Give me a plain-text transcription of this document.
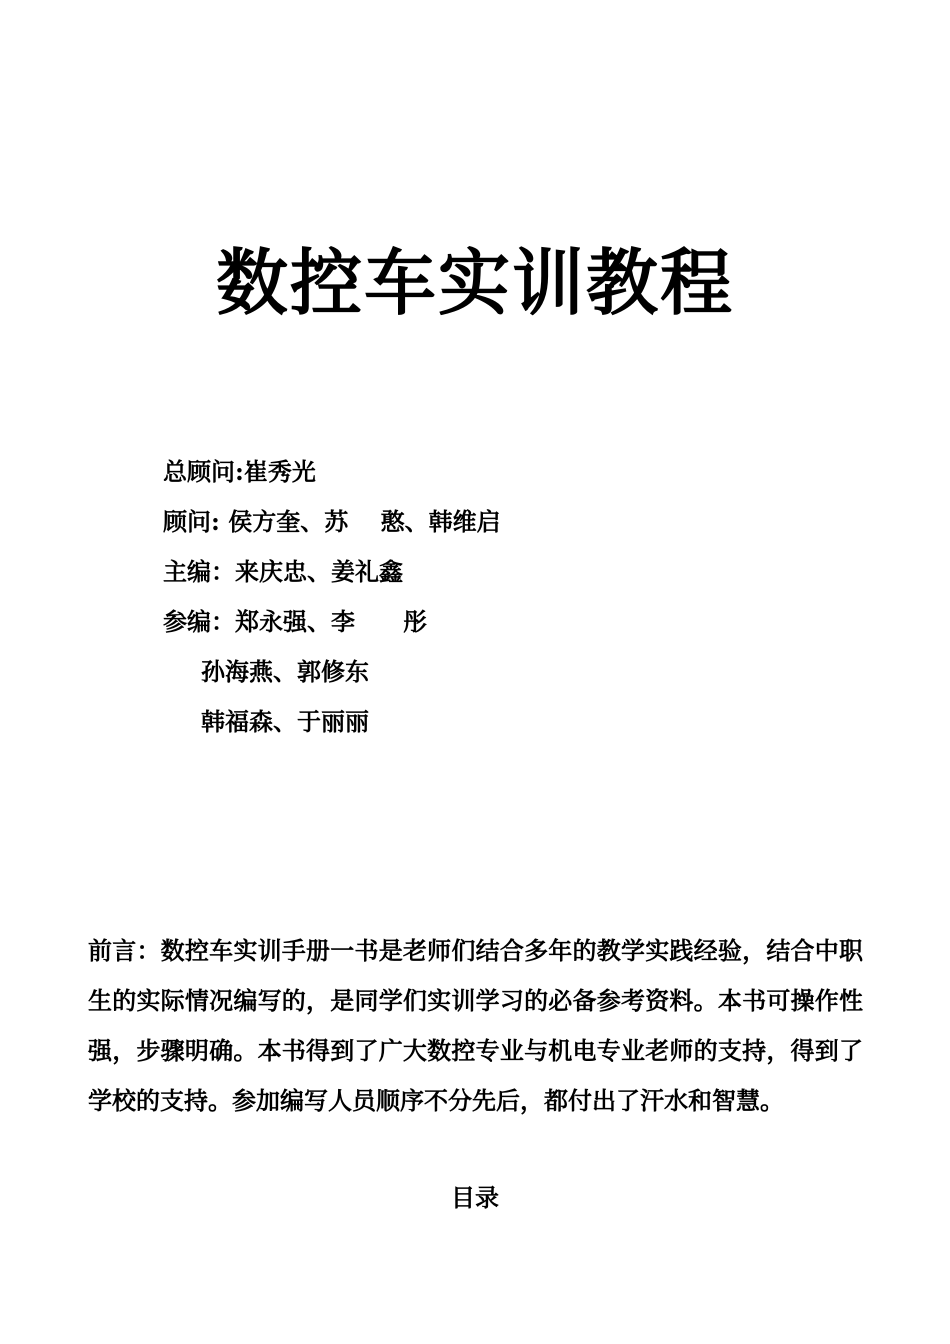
数控车实训教程
总顾问:崔秀光
顾问: 侯方奎、苏　 憨、韩维启
主编：来庆忠、姜礼鑫
参编：郑永强、李　　彤
孙海燕、郭修东
韩福森、于丽丽
前言：数控车实训手册一书是老师们结合多年的教学实践经验，结合中职生的实际情况编写的，是同学们实训学习的必备参考资料。本书可操作性强，步骤明确。本书得到了广大数控专业与机电专业老师的支持，得到了学校的支持。参加编写人员顺序不分先后，都付出了汗水和智慧。
目录
